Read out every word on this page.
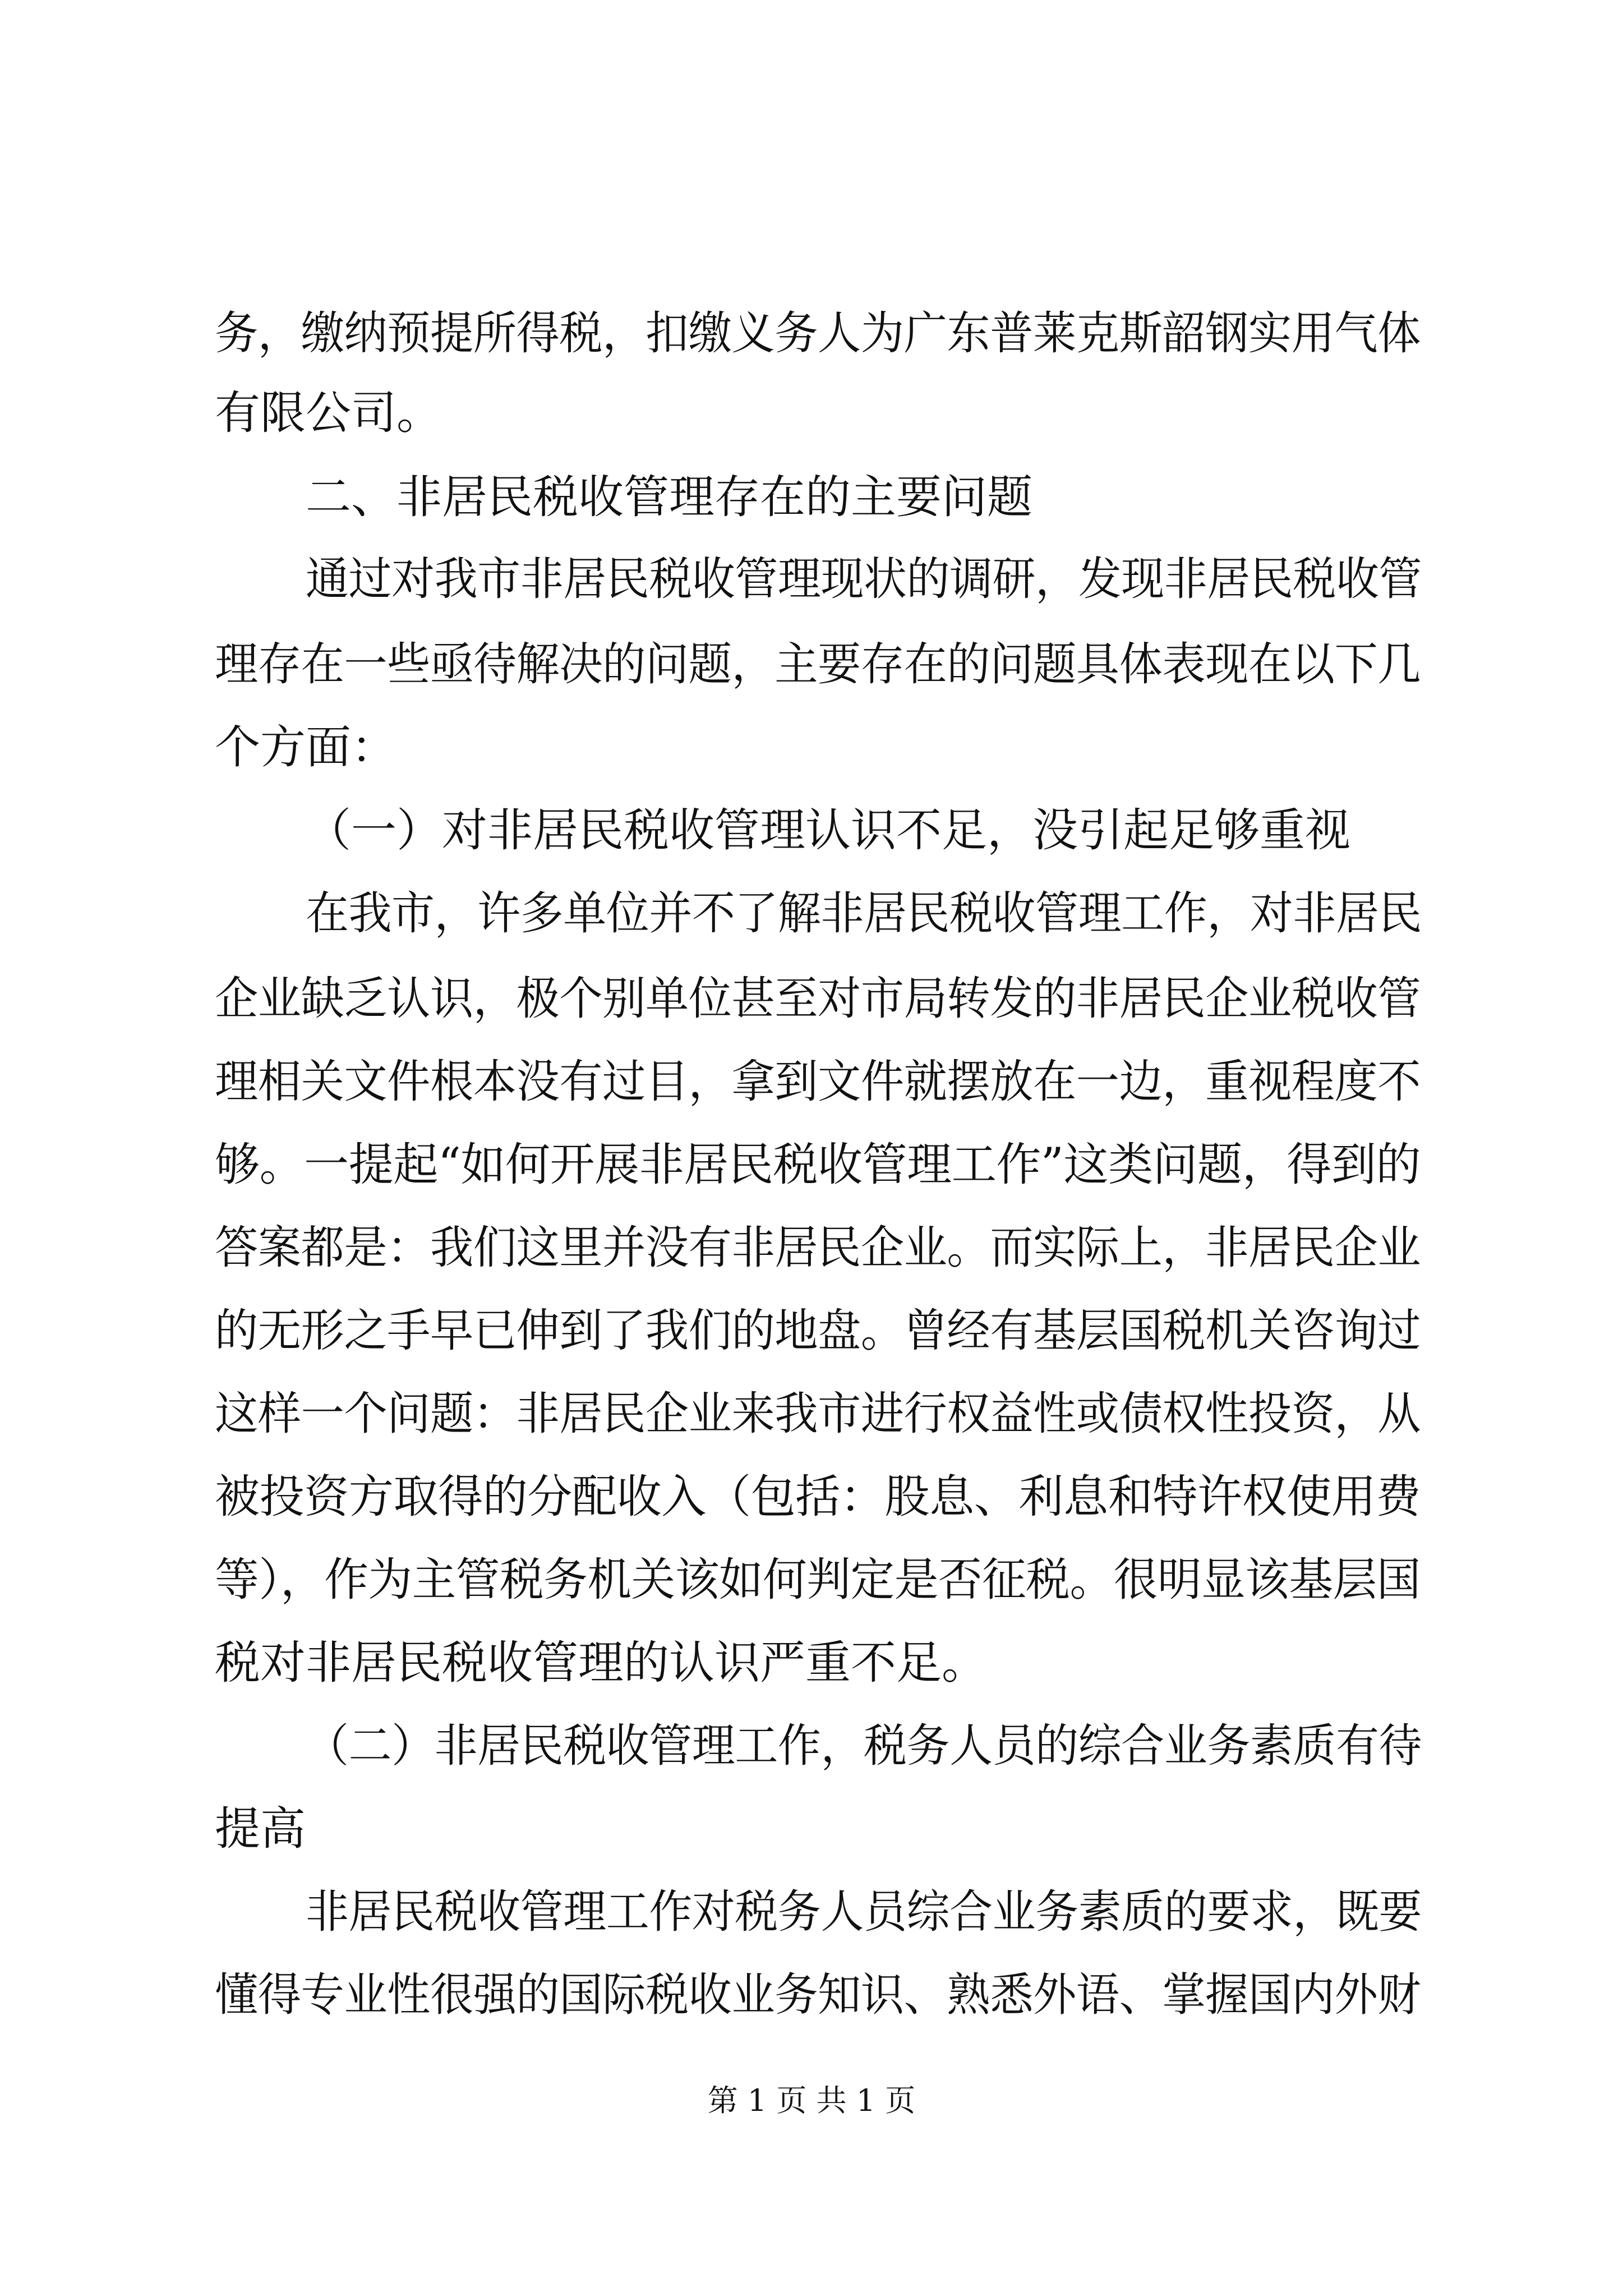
务，缴纳预提所得税，扣缴义务人为广东普莱克斯韶钢实用气体
有限公司。
二、非居民税收管理存在的主要问题
通过对我市非居民税收管理现状的调研，发现非居民税收管
理存在一些亟待解决的问题，主要存在的问题具体表现在以下几
个方面：
（一）对非居民税收管理认识不足，没引起足够重视
在我市，许多单位并不了解非居民税收管理工作，对非居民
企业缺乏认识，极个别单位甚至对市局转发的非居民企业税收管
理相关文件根本没有过目，拿到文件就摆放在一边，重视程度不
够。一提起“如何开展非居民税收管理工作”这类问题，得到的
答案都是：我们这里并没有非居民企业。而实际上，非居民企业
的无形之手早已伸到了我们的地盘。曾经有基层国税机关咨询过
这样一个问题：非居民企业来我市进行权益性或债权性投资，从
被投资方取得的分配收入（包括：股息、利息和特许权使用费
等），作为主管税务机关该如何判定是否征税。很明显该基层国
税对非居民税收管理的认识严重不足。
（二）非居民税收管理工作，税务人员的综合业务素质有待
提高
非居民税收管理工作对税务人员综合业务素质的要求，既要
懂得专业性很强的国际税收业务知识、熟悉外语、掌握国内外财
第 1 页 共 1 页
